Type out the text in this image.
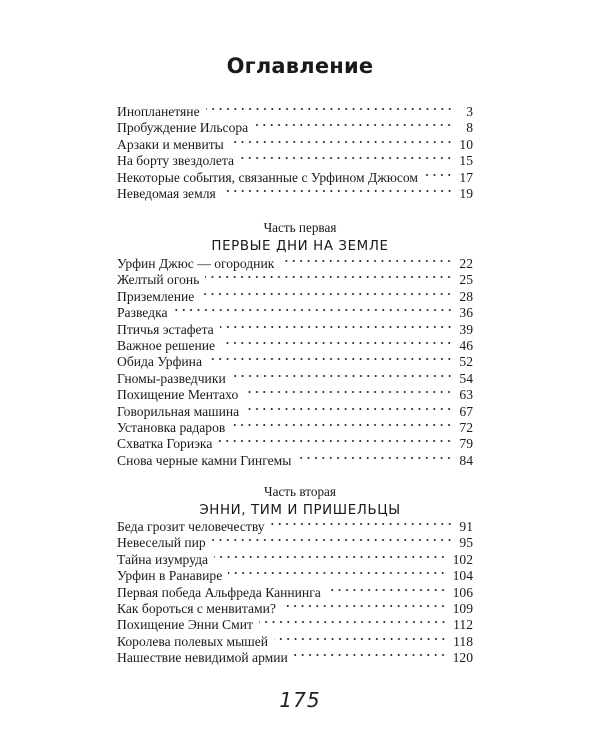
Оглавление
Инопланетяне	3
Пробуждение Ильсора	8
Арзаки и менвиты	10
На борту звездолета	15
Некоторые события, связанные с Урфином Джюсом	17
Неведомая земля	19
Часть первая
ПЕРВЫЕ ДНИ НА ЗЕМЛЕ
Урфин Джюс — огородник	22
Желтый огонь	25
Приземление	28
Разведка	36
Птичья эстафета	39
Важное решение	46
Обида Урфина	52
Гномы-разведчики	54
Похищение Ментахо	63
Говорильная машина	67
Установка радаров	72
Схватка Гориэка	79
Снова черные камни Гингемы	84
Часть вторая
ЭННИ, ТИМ И ПРИШЕЛЬЦЫ
Беда грозит человечеству	91
Невеселый пир	95
Тайна изумруда	102
Урфин в Ранавире	104
Первая победа Альфреда Каннинга	106
Как бороться с менвитами?	109
Похищение Энни Смит	112
Королева полевых мышей	118
Нашествие невидимой армии	120
175
